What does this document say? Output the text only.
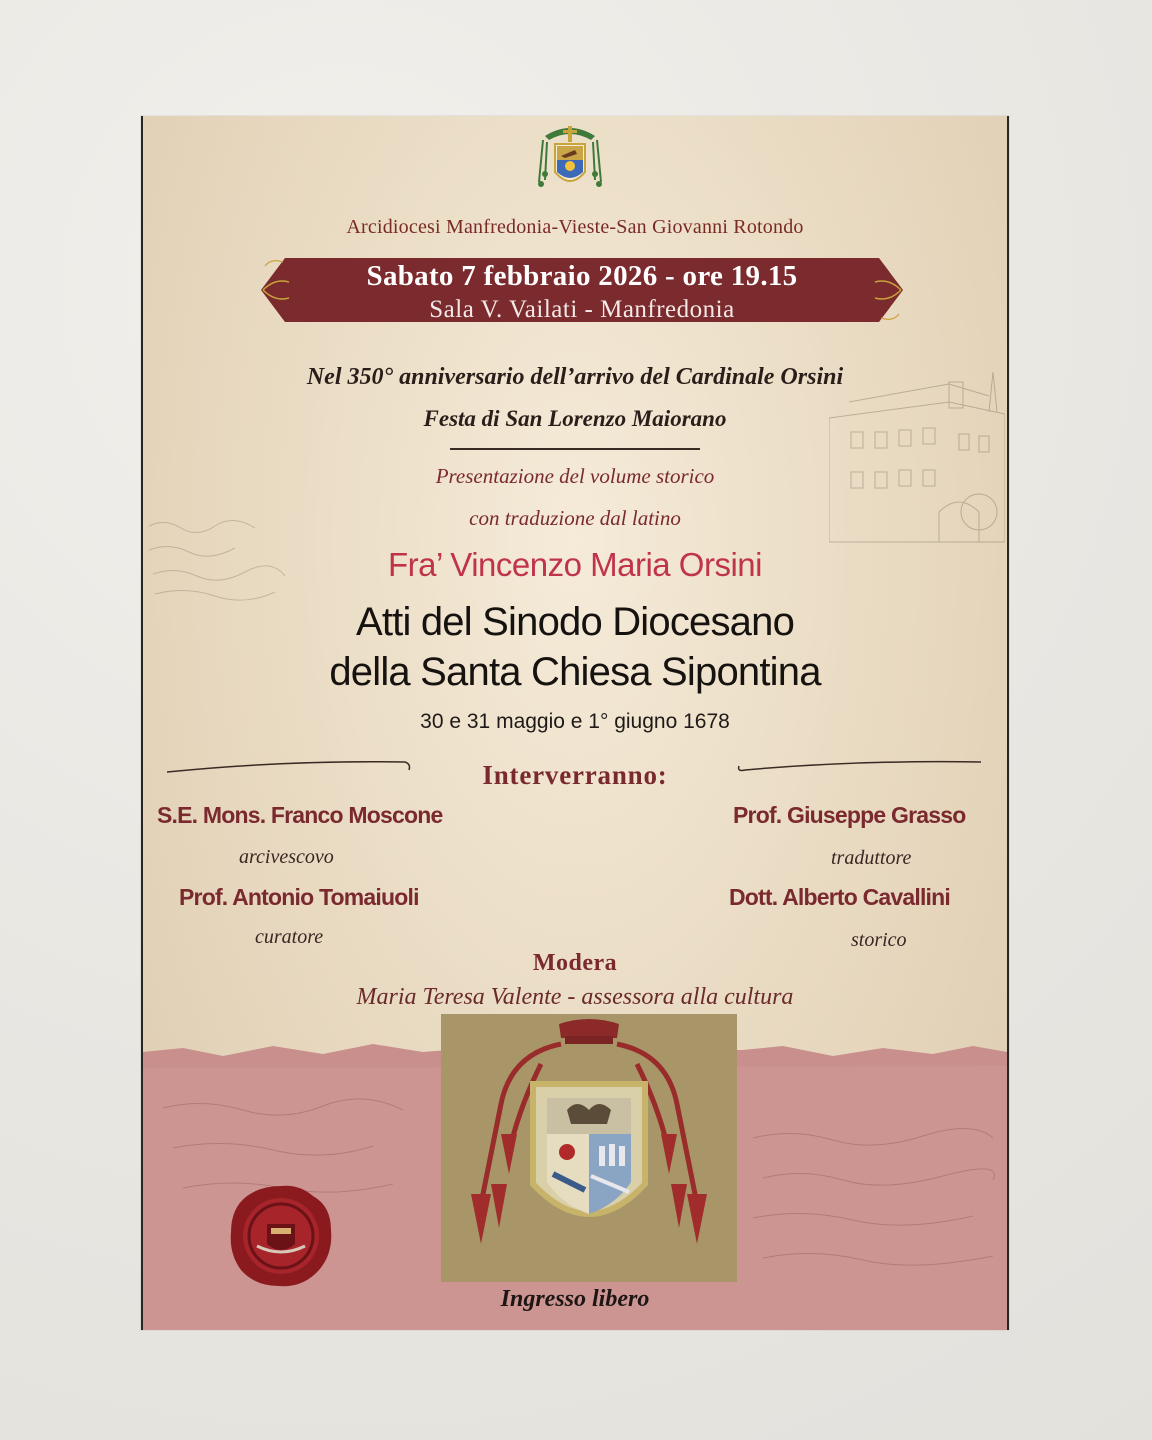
Arcidiocesi Manfredonia-Vieste-San Giovanni Rotondo
Sabato 7 febbraio 2026 - ore 19.15
Sala V. Vailati - Manfredonia
Nel 350° anniversario dell’arrivo del Cardinale Orsini
Festa di San Lorenzo Maiorano
Presentazione del volume storico
con traduzione dal latino
Fra’ Vincenzo Maria Orsini
Atti del Sinodo Diocesano
della Santa Chiesa Sipontina
30 e 31 maggio e 1° giugno 1678
Interverranno:
S.E. Mons. Franco Moscone
arcivescovo
Prof. Antonio Tomaiuoli
curatore
Prof. Giuseppe Grasso
traduttore
Dott. Alberto Cavallini
storico
Modera
Maria Teresa Valente - assessora alla cultura
Ingresso libero
